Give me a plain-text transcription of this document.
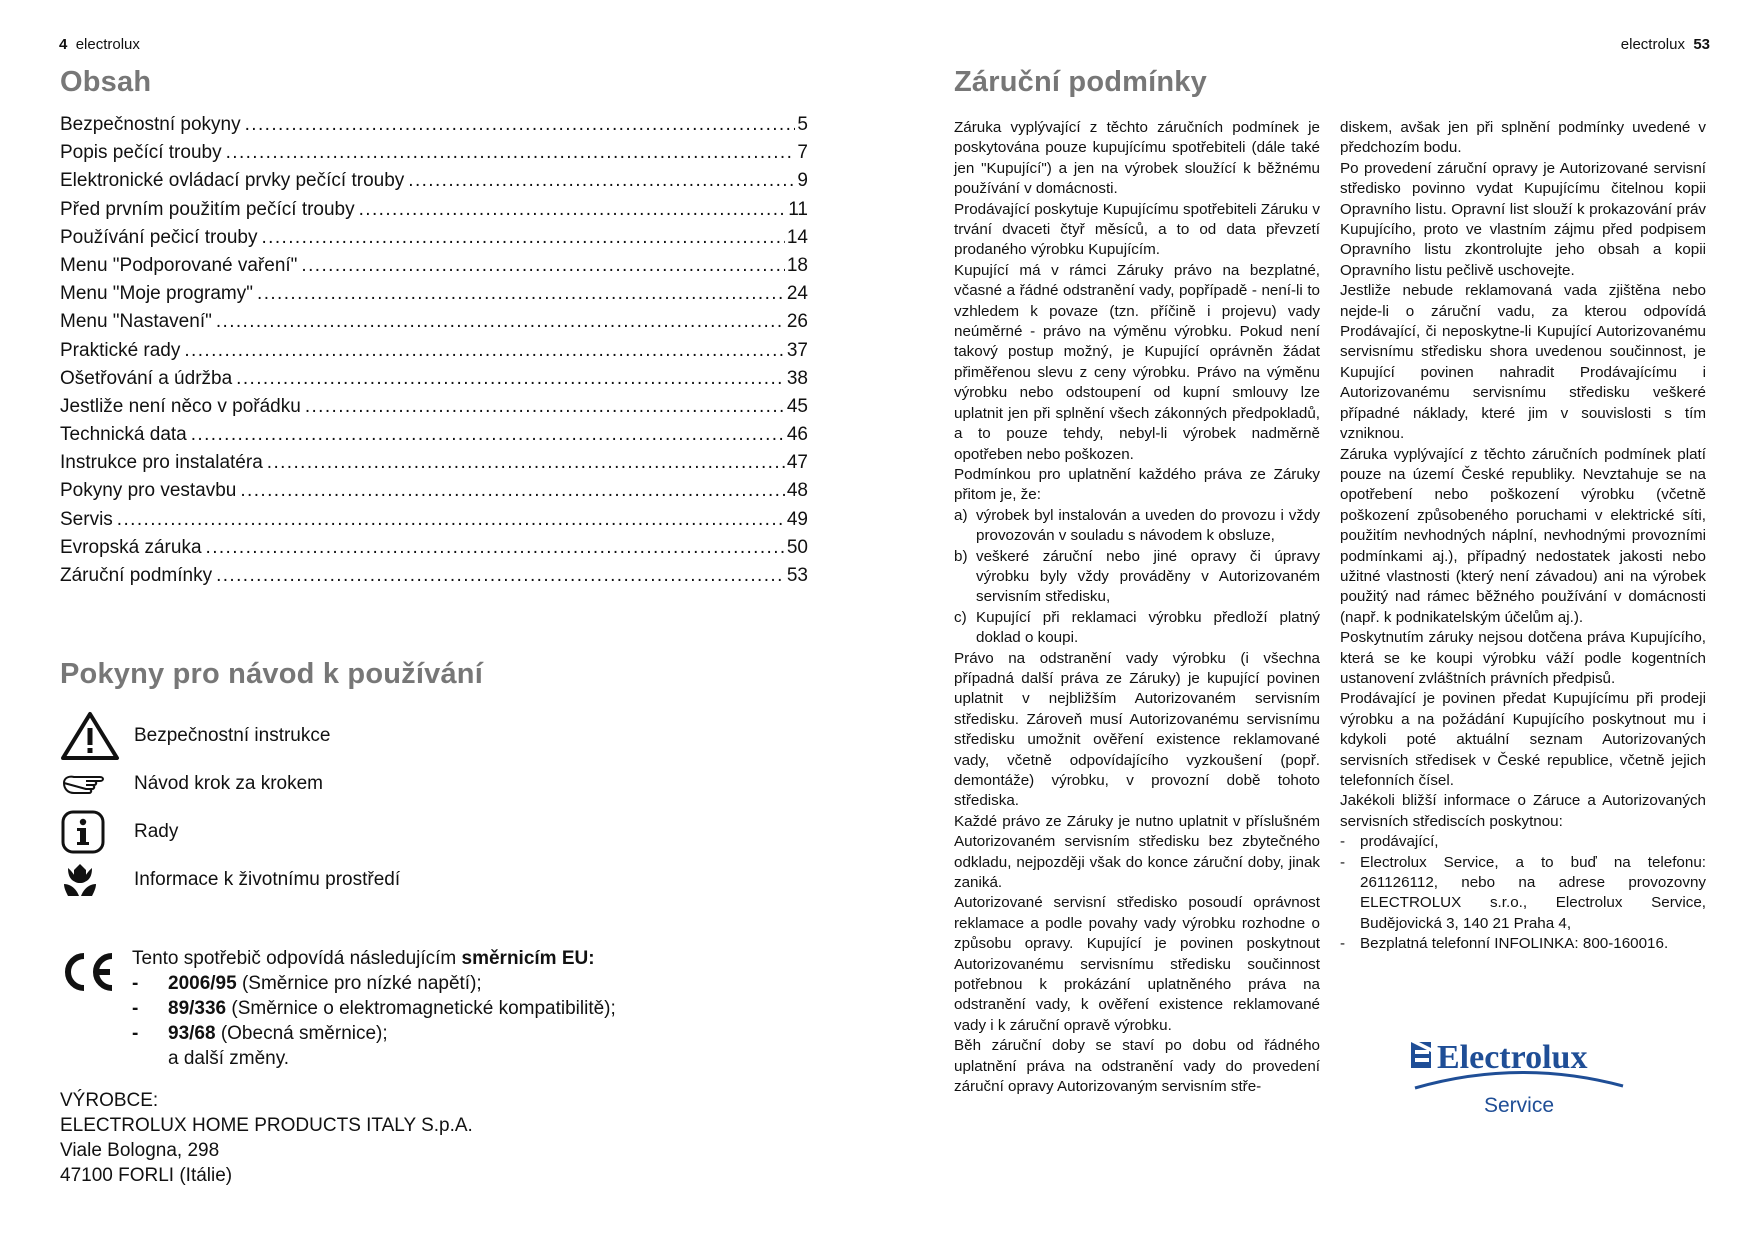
4 electrolux
Obsah
Bezpečnostní pokyny .....	5
Popis pečící trouby .....	7
Elektronické ovládací prvky pečící trouby .....	9
Před prvním použitím pečící trouby .....	11
Používání pečicí trouby .....	14
Menu "Podporované vaření" .....	18
Menu "Moje programy" .....	24
Menu "Nastavení" .....	26
Praktické rady .....	37
Ošetřování a údržba .....	38
Jestliže není něco v pořádku .....	45
Technická data .....	46
Instrukce pro instalatéra .....	47
Pokyny pro vestavbu .....	48
Servis .....	49
Evropská záruka .....	50
Záruční podmínky .....	53
Pokyny pro návod k používání
Bezpečnostní instrukce
Návod krok za krokem
Rady
Informace k životnímu prostředí
Tento spotřebič odpovídá následujícím směrnicím EU:
-	2006/95 (Směrnice pro nízké napětí);
-	89/336 (Směrnice o elektromagnetické kompatibilitě);
-	93/68 (Obecná směrnice);
a další změny.
VÝROBCE:
ELECTROLUX HOME PRODUCTS ITALY S.p.A.
Viale Bologna, 298
47100 FORLI (Itálie)
electrolux 53
Záruční podmínky

Záruka vyplývající z těchto záručních podmínek je poskytována pouze kupujícímu spotřebiteli (dále také jen "Kupující") a jen na výrobek sloužící k běžnému používání v domácnosti.

Prodávající poskytuje Kupujícímu spotřebiteli Záruku v trvání dvaceti čtyř měsíců, a to od data převzetí prodaného výrobku Kupujícím.

Kupující má v rámci Záruky právo na bezplatné, včasné a řádné odstranění vady, popřípadě - není-li to vzhledem k povaze (tzn. příčině i projevu) vady neúměrné - právo na výměnu výrobku. Pokud není takový postup možný, je Kupující oprávněn žádat přiměřenou slevu z ceny výrobku. Právo na výměnu výrobku nebo odstoupení od kupní smlouvy lze uplatnit jen při splnění všech zákonných předpokladů, a to pouze tehdy, nebyl-li výrobek nadměrně opotřeben nebo poškozen.

Podmínkou pro uplatnění každého práva ze Záruky přitom je, že:

a) výrobek byl instalován a uveden do provozu i vždy provozován v souladu s návodem k obsluze,
b) veškeré záruční nebo jiné opravy či úpravy výrobku byly vždy prováděny v Autorizovaném servisním středisku,
c) Kupující při reklamaci výrobku předloží platný doklad o koupi.

Právo na odstranění vady výrobku (i všechna případná další práva ze Záruky) je kupující povinen uplatnit v nejbližším Autorizovaném servisním středisku. Zároveň musí Autorizovanému servisnímu středisku umožnit ověření existence reklamované vady, včetně odpovídajícího vyzkoušení (popř. demontáže) výrobku, v provozní době tohoto střediska.

Každé právo ze Záruky je nutno uplatnit v příslušném Autorizovaném servisním středisku bez zbytečného odkladu, nejpozději však do konce záruční doby, jinak zaniká.

Autorizované servisní středisko posoudí oprávnost reklamace a podle povahy vady výrobku rozhodne o způsobu opravy. Kupující je povinen poskytnout Autorizovanému servisnímu středisku součinnost potřebnou k prokázání uplatněného práva na odstranění vady, k ověření existence reklamované vady i k záruční opravě výrobku.

Běh záruční doby se staví po dobu od řádného uplatnění práva na odstranění vady do provedení záruční opravy Autorizovaným servisním stře-

diskem, avšak jen při splnění podmínky uvedené v předchozím bodu.

Po provedení záruční opravy je Autorizované servisní středisko povinno vydat Kupujícímu čitelnou kopii Opravního listu. Opravní list slouží k prokazování práv Kupujícího, proto ve vlastním zájmu před podpisem Opravního listu zkontrolujte jeho obsah a kopii Opravního listu pečlivě uschovejte.

Jestliže nebude reklamovaná vada zjištěna nebo nejde-li o záruční vadu, za kterou odpovídá Prodávající, či neposkytne-li Kupující Autorizovanému servisnímu středisku shora uvedenou součinnost, je Kupující povinen nahradit Prodávajícímu i Autorizovanému servisnímu středisku veškeré případné náklady, které jim v souvislosti s tím vzniknou.

Záruka vyplývající z těchto záručních podmínek platí pouze na území České republiky. Nevztahuje se na opotřebení nebo poškození výrobku (včetně poškození způsobeného poruchami v elektrické síti, použitím nevhodných náplní, nevhodnými provozními podmínkami aj.), případný nedostatek jakosti nebo užitné vlastnosti (který není závadou) ani na výrobek použitý nad rámec běžného používání v domácnosti (např. k podnikatelským účelům aj.).

Poskytnutím záruky nejsou dotčena práva Kupujícího, která se ke koupi výrobku váží podle kogentních ustanovení zvláštních právních předpisů.

Prodávající je povinen předat Kupujícímu při prodeji výrobku a na požádání Kupujícího poskytnout mu i kdykoli poté aktuální seznam Autorizovaných servisních středisek v České republice, včetně jejich telefonních čísel.

Jakékoli bližší informace o Záruce a Autorizovaných servisních střediscích poskytnou:

- prodávající,
- Electrolux Service, a to buď na telefonu: 261126112, nebo na adrese provozovny ELECTROLUX s.r.o., Electrolux Service, Budějovická 3, 140 21 Praha 4,
- Bezplatná telefonní INFOLINKA: 800-160016.
Electrolux
Service
